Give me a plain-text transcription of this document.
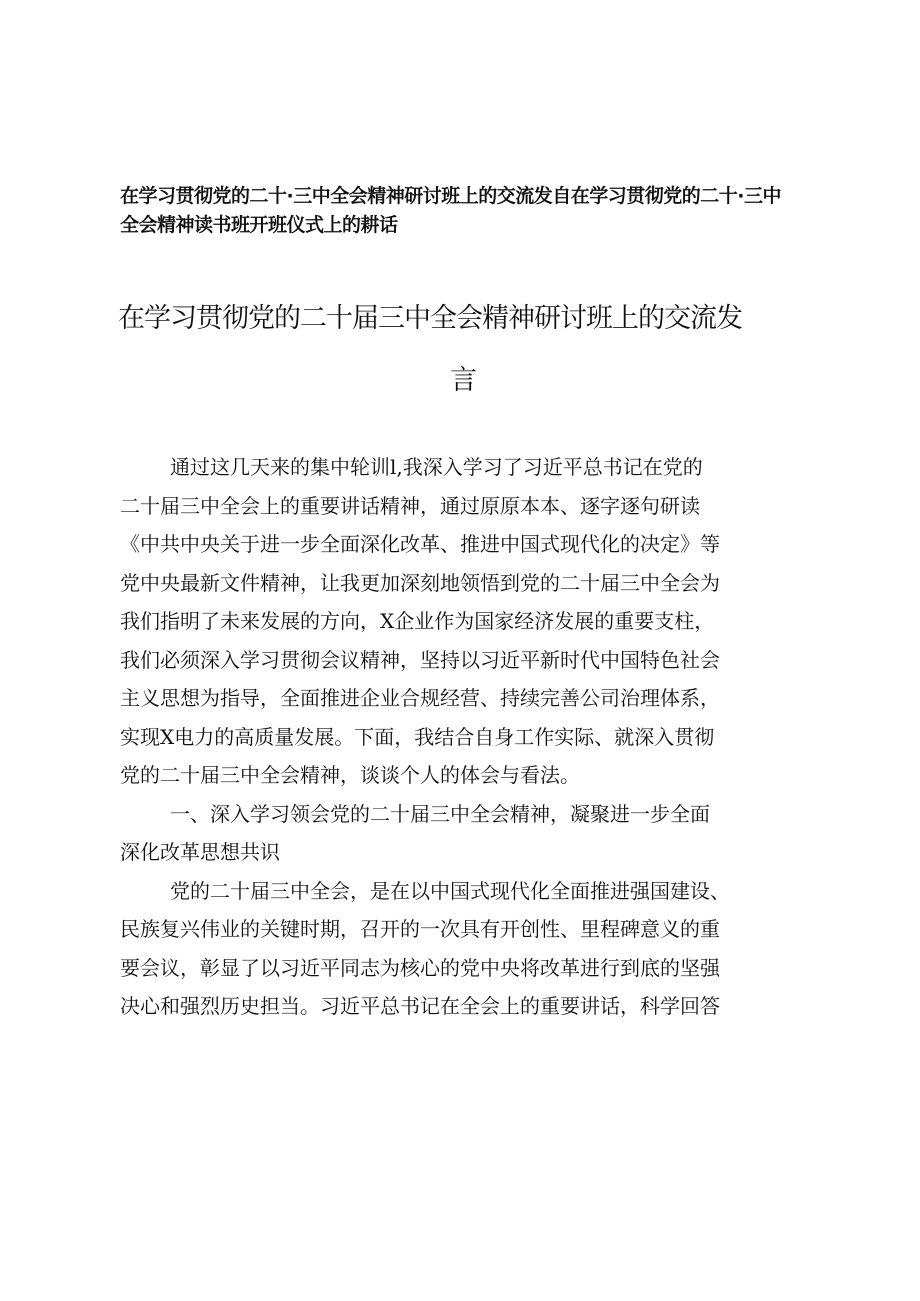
在学习贯彻党的二十·三中全会精神研讨班上的交流发自在学习贯彻党的二十·三中
全会精神读书班开班仪式上的耕话
在学习贯彻党的二十届三中全会精神研讨班上的交流发
言
通过这几天来的集中轮训l,我深入学习了习近平总书记在党的
二十届三中全会上的重要讲话精神，通过原原本本、逐字逐句研读
《中共中央关于进一步全面深化改革、推进中国式现代化的决定》等
党中央最新文件精神，让我更加深刻地领悟到党的二十届三中全会为
我们指明了未来发展的方向，X企业作为国家经济发展的重要支柱，
我们必须深入学习贯彻会议精神，坚持以习近平新时代中国特色社会
主义思想为指导，全面推进企业合规经营、持续完善公司治理体系，
实现X电力的高质量发展。下面，我结合自身工作实际、就深入贯彻
党的二十届三中全会精神，谈谈个人的体会与看法。
一、深入学习领会党的二十届三中全会精神，凝聚进一步全面
深化改革思想共识
党的二十届三中全会，是在以中国式现代化全面推进强国建设、
民族复兴伟业的关键时期，召开的一次具有开创性、里程碑意义的重
要会议，彰显了以习近平同志为核心的党中央将改革进行到底的坚强
决心和强烈历史担当。习近平总书记在全会上的重要讲话，科学回答
